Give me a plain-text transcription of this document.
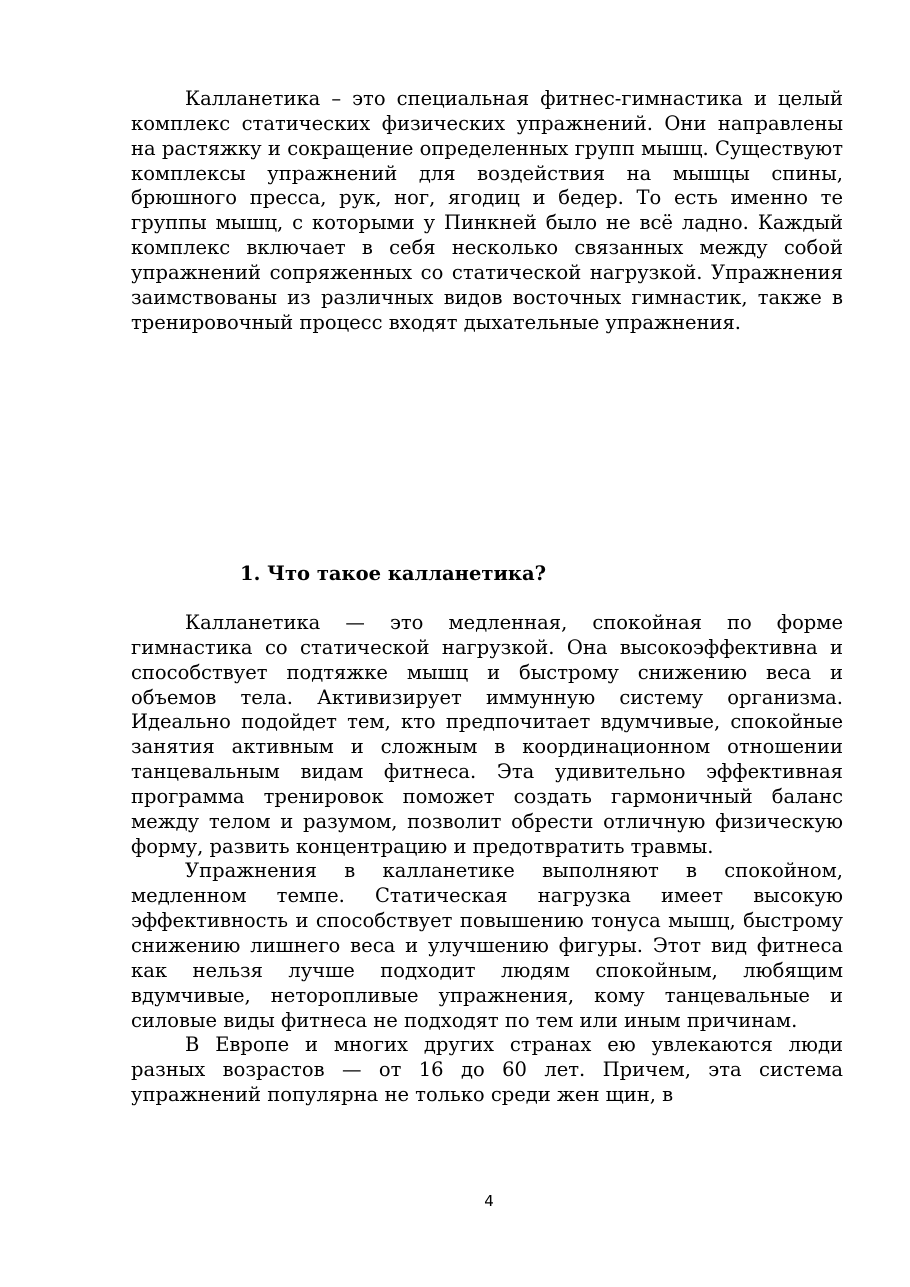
Калланетика – это специальная фитнес-гимнастика и целый комплекс статических физических упражнений. Они направлены на растяжку и сокращение определенных групп мышц. Существуют комплексы упражнений для воздействия на мышцы спины, брюшного пресса, рук, ног, ягодиц и бедер. То есть именно те группы мышц, с которыми у Пинкней было не всё ладно. Каждый комплекс включает в себя несколько связанных между собой упражнений сопряженных со статической нагрузкой. Упражнения заимствованы из различных видов восточных гимнастик, также в тренировочный процесс входят дыхательные упражнения.

1. Что такое калланетика?

Калланетика — это медленная, спокойная по форме гимнастика со статической нагрузкой. Она высокоэффективна и способствует подтяжке мышц и быстрому снижению веса и объемов тела. Активизирует иммунную систему организма. Идеально подойдет тем, кто предпочитает вдумчивые, спокойные занятия активным и сложным в координационном отношении танцевальным видам фитнеса. Эта удивительно эффективная программа тренировок поможет создать гармоничный баланс между телом и разумом, позволит обрести отличную физическую форму, развить концентрацию и предотвратить травмы.

Упражнения в калланетике выполняют в спокойном, медленном темпе. Статическая нагрузка имеет высокую эффективность и способствует повышению тонуса мышц, быстрому снижению лишнего веса и улучшению фигуры. Этот вид фитнеса как нельзя лучше подходит людям спокойным, любящим вдумчивые, неторопливые упражнения, кому танцевальные и силовые виды фитнеса не подходят по тем или иным причинам.

В Европе и многих других странах ею увлекаются люди разных возрастов — от 16 до 60 лет. Причем, эта система упражнений популярна не только среди жен щин, в

4
